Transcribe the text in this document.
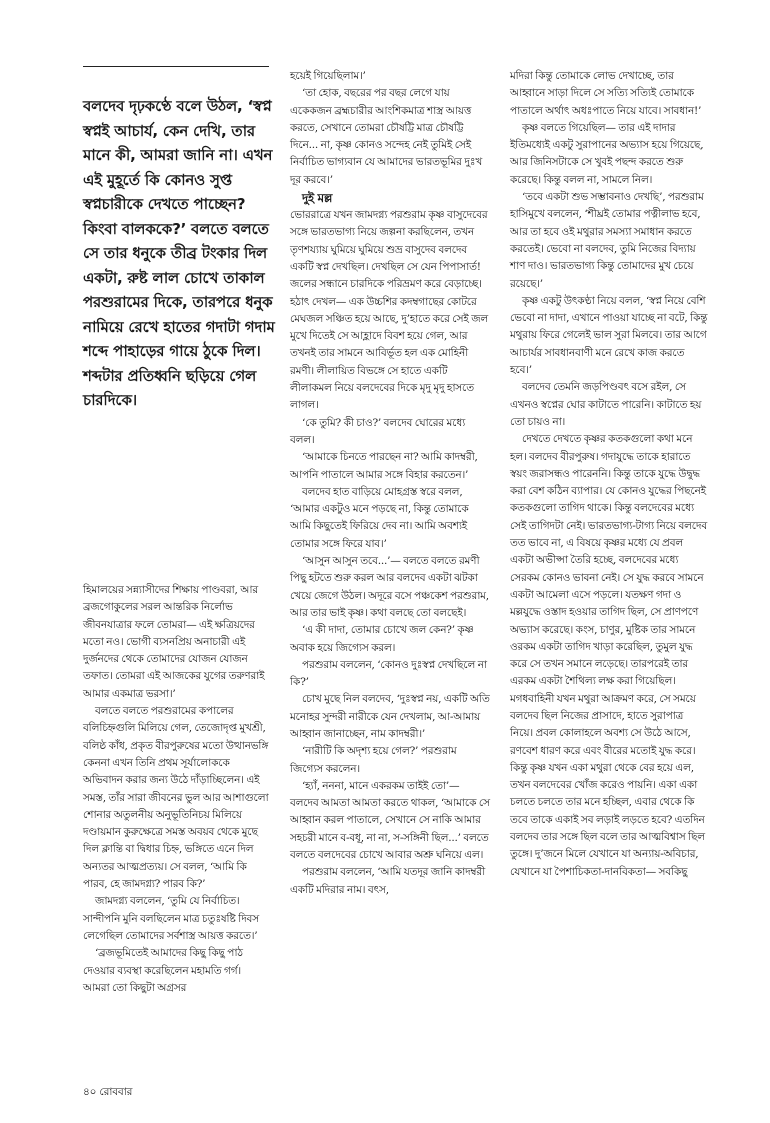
বলদেব দৃঢ়কণ্ঠে বলে উঠল, ‘স্বপ্ন স্বপ্নই আচার্য, কেন দেখি, তার মানে কী, আমরা জানি না। এখন এই মুহূর্তে কি কোনও সুপ্ত স্বপ্নচারীকে দেখতে পাচ্ছেন? কিংবা বালককে?’ বলতে বলতে সে তার ধনুকে তীব্র টংকার দিল একটা, রুষ্ট লাল চোখে তাকাল পরশুরামের দিকে, তারপরে ধনুক নামিয়ে রেখে হাতের গদাটা গদাম শব্দে পাহাড়ের গায়ে ঠুকে দিল। শব্দটার প্রতিধ্বনি ছড়িয়ে গেল চারদিকে।

হিমালয়ের সন্ন্যাসীদের শিক্ষায় পাণ্ডবরা, আর ব্রজগোকুলের সরল আন্তরিক নির্লোভ জীবনযাত্রার ফলে তোমরা— এই ক্ষত্রিয়দের মতো নও। ভোগী ব্যসনপ্রিয় অনাচারী এই দুর্জনদের থেকে তোমাদের যোজন যোজন তফাত। তোমরা এই আজকের যুগের তরুণরাই আমার একমাত্র ভরসা।’

বলতে বলতে পরশুরামের কপালের বলিচিহ্নগুলি মিলিয়ে গেল, তেজোদৃপ্ত মুখশ্রী, বলিষ্ঠ কাঁধ, প্রকৃত বীরপুরুষের মতো উত্থানভঙ্গি কেননা এখন তিনি প্রথম সূর্যালোককে অভিবাদন করার জন্য উঠে দাঁড়াচ্ছিলেন। এই সমস্ত, তাঁর সারা জীবনের ভুল আর আশাগুলো শোনার অতুলনীয় অনুভূতিনিচয় মিলিয়ে দণ্ডায়মান কুরুক্ষেত্রে সমস্ত অবয়ব থেকে মুছে দিল ক্লান্তি বা দ্বিধার চিহ্ন, ভঙ্গিতে এনে দিল অন্যতর আত্মপ্রত্যয়। সে বলল, ‘আমি কি পারব, হে জামদগ্ন্য? পারব কি?’

জামদগ্ন্য বললেন, ‘তুমি যে নির্বাচিত। সান্দীপনি মুনি বলছিলেন মাত্র চতুঃষষ্টি দিবস লেগেছিল তোমাদের সর্বশাস্ত্র আয়ত্ত করতে।’

‘ব্রজভূমিতেই আমাদের কিছু কিছু পাঠ দেওয়ার ব্যবস্থা করেছিলেন মহামতি গর্গ। আমরা তো কিছুটা অগ্রসর

হয়েই গিয়েছিলাম।’

‘তা হোক, বছরের পর বছর লেগে যায় একেকজন ব্রহ্মচারীর আংশিকমাত্র শাস্ত্র আয়ত্ত করতে, সেখানে তোমরা চৌষট্টি মাত্র চৌষট্টি দিনে... না, কৃষ্ণ কোনও সন্দেহ নেই তুমিই সেই নির্বাচিত ভাগ্যবান যে আমাদের ভারতভূমির দুঃখ দূর করবে।’

দুই মল্ল

ভোররাত্রে যখন জামদগ্ন্য পরশুরাম কৃষ্ণ বাসুদেবের সঙ্গে ভারতভাগ্য নিয়ে জল্পনা করছিলেন, তখন তৃণশয্যায় ঘুমিয়ে ঘুমিয়ে শুভ্র বাসুদেব বলদেব একটি স্বপ্ন দেখছিল। দেখছিল সে যেন পিপাসার্ত! জলের সন্ধানে চারদিকে পরিভ্রমণ করে বেড়াচ্ছে। হঠাৎ দেখল— এক উচ্চশির কদম্বগাছের কোটরে মেঘজল সঞ্চিত হয়ে আছে, দু’হাতে করে সেই জল মুখে দিতেই সে আহ্লাদে বিবশ হয়ে গেল, আর তখনই তার সামনে আবির্ভূত হল এক মোহিনী রমণী। লীলায়িত বিভঙ্গে সে হাতে একটি লীলাকমল নিয়ে বলদেবের দিকে মৃদু মৃদু হাসতে লাগল।

‘কে তুমি? কী চাও?’ বলদেব ঘোরের মধ্যে বলল।

‘আমাকে চিনতে পারছেন না? আমি কাদম্বরী, আপনি পাতালে আমার সঙ্গে বিহার করতেন।’

বলদেব হাত বাড়িয়ে মোহগ্রস্ত স্বরে বলল, ‘আমার একটুও মনে পড়ছে না, কিন্তু তোমাকে আমি কিছুতেই ফিরিয়ে দেব না। আমি অবশ্যই তোমার সঙ্গে ফিরে যাব।’

‘আসুন আসুন তবে...’— বলতে বলতে রমণী পিছু হটতে শুরু করল আর বলদেব একটা ঝটকা খেয়ে জেগে উঠল। অদূরে বসে পঞ্চকেশ পরশুরাম, আর তার ভাই কৃষ্ণ। কথা বলছে তো বলছেই।

‘এ কী দাদা, তোমার চোখে জল কেন?’ কৃষ্ণ অবাক হয়ে জিগ্যেস করল।

পরশুরাম বললেন, ‘কোনও দুঃস্বপ্ন দেখছিলে না কি?’

চোখ মুছে নিল বলদেব, ‘দুঃস্বপ্ন নয়, একটি অতি মনোহর সুন্দরী নারীকে যেন দেখলাম, আ-আমায় আহ্বান জানাচ্ছেন, নাম কাদম্বরী।’

‘নারীটি কি অদৃশ্য হয়ে গেল?’ পরশুরাম জিগ্যেস করলেন।

‘হ্যাঁ, নননা, মানে একরকম তাইই তো’— বলদেব আমতা আমতা করতে থাকল, ‘আমাকে সে আহ্বান করল পাতালে, সেখানে সে নাকি আমার সহচরী মানে ব-বধূ, না না, স-সঙ্গিনী ছিল...’ বলতে বলতে বলদেবের চোখে আবার অশ্রু ঘনিয়ে এল।

পরশুরাম বললেন, ‘আমি যতদূর জানি কাদম্বরী একটি মদিরার নাম। বৎস,

মদিরা কিন্তু তোমাকে লোভ দেখাচ্ছে, তার আহ্বানে সাড়া দিলে সে সত্যি সত্যিই তোমাকে পাতালে অর্থাৎ অধঃপাতে নিয়ে যাবে। সাবধান!’

কৃষ্ণ বলতে গিয়েছিল— তার এই দাদার ইতিমধ্যেই একটু সুরাপানের অভ্যাস হয়ে গিয়েছে, আর জিনিসটাকে সে খুবই পছন্দ করতে শুরু করেছে। কিন্তু বলল না, সামলে নিল।

‘তবে একটা শুভ সম্ভাবনাও দেখছি’, পরশুরাম হাসিমুখে বললেন, ‘শীঘ্রই তোমার পত্নীলাভ হবে, আর তা হবে ওই মথুরার সমস্যা সমাধান করতে করতেই। ভেবো না বলদেব, তুমি নিজের বিদ্যায় শাণ দাও। ভারতভাগ্য কিন্তু তোমাদের মুখ চেয়ে রয়েছে।’

কৃষ্ণ একটু উৎকণ্ঠা নিয়ে বলল, ‘স্বপ্ন নিয়ে বেশি ভেবো না দাদা, এখানে পাওয়া যাচ্ছে না বটে, কিন্তু মথুরায় ফিরে গেলেই ভাল সুরা মিলবে। তার আগে আচার্যর সাবধানবাণী মনে রেখে কাজ করতে হবে।’

বলদেব তেমনি জড়পিণ্ডবৎ বসে রইল, সে এখনও স্বপ্নের ঘোর কাটাতে পারেনি। কাটাতে হয় তো চায়ও না।

দেখতে দেখতে কৃষ্ণর কতকগুলো কথা মনে হল। বলদেব বীরপুরুষ। গদাযুদ্ধে তাকে হারাতে স্বয়ং জরাসন্ধও পারেননি। কিন্তু তাকে যুদ্ধে উদ্বুদ্ধ করা বেশ কঠিন ব্যাপার। যে কোনও যুদ্ধের পিছনেই কতকগুলো তাগিদ থাকে। কিন্তু বলদেবের মধ্যে সেই তাগিদটা নেই। ভারতভাগ্য-টাগ্য নিয়ে বলদেব তত ভাবে না, এ বিষয়ে কৃষ্ণর মধ্যে যে প্রবল একটা অভীপ্সা তৈরি হচ্ছে, বলদেবের মধ্যে সেরকম কোনও ভাবনা নেই। সে যুদ্ধ করবে সামনে একটা আমেলা এসে পড়লে। যতক্ষণ গদা ও মল্লযুদ্ধে ওস্তাদ হওয়ার তাগিদ ছিল, সে প্রাণপণে অভ্যাস করেছে। কংস, চাণুর, মুষ্টিক তার সামনে ওরকম একটা তাগিদ খাড়া করেছিল, তুমুল যুদ্ধ করে সে তখন সমানে লড়েছে। তারপরেই তার এরকম একটা শৈথিল্য লক্ষ করা গিয়েছিল। মগধবাহিনী যখন মথুরা আক্রমণ করে, সে সময়ে বলদেব ছিল নিজের প্রাসাদে, হাতে সুরাপাত্র নিয়ে। প্রবল কোলাহলে অবশ্য সে উঠে আসে, রণবেশ ধারণ করে এবং বীরের মতোই যুদ্ধ করে। কিন্তু কৃষ্ণ যখন একা মথুরা থেকে বের হয়ে এল, তখন বলদেবের খোঁজ করেও পায়নি। একা একা চলতে চলতে তার মনে হচ্ছিল, এবার থেকে কি তবে তাকে একাই সব লড়াই লড়তে হবে? এতদিন বলদেব তার সঙ্গে ছিল বলে তার আত্মবিশ্বাস ছিল তুঙ্গে। দু’জনে মিলে যেখানে যা অন্যায়-অবিচার, যেখানে যা পৈশাচিকতা-দানবিকতা— সবকিছু

৪০ রোববার
